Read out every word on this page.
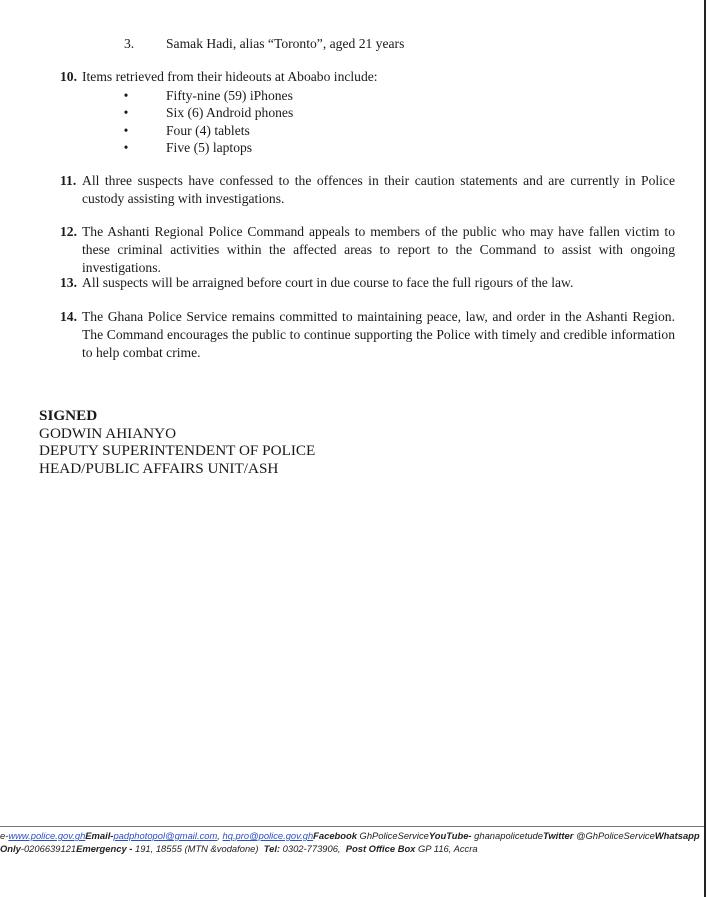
3. Samak Hadi, alias “Toronto”, aged 21 years
10. Items retrieved from their hideouts at Aboabo include:
•	Fifty-nine (59) iPhones
•	Six (6) Android phones
•	Four (4) tablets
•	Five (5) laptops
11. All three suspects have confessed to the offences in their caution statements and are currently in Police custody assisting with investigations.
12. The Ashanti Regional Police Command appeals to members of the public who may have fallen victim to these criminal activities within the affected areas to report to the Command to assist with ongoing investigations.
13. All suspects will be arraigned before court in due course to face the full rigours of the law.
14. The Ghana Police Service remains committed to maintaining peace, law, and order in the Ashanti Region. The Command encourages the public to continue supporting the Police with timely and credible information to help combat crime.
SIGNED
GODWIN AHIANYO
DEPUTY SUPERINTENDENT OF POLICE
HEAD/PUBLIC AFFAIRS UNIT/ASH
e-www.police.gov.ghEmail-padphotopol@gmail.com, hq.pro@police.gov.ghFacebook GhPoliceServiceYouTube- ghanapolicetudeTwitter @GhPoliceServiceWhatsapp
Only-0206639121Emergency - 191, 18555 (MTN &vodafone) Tel: 0302-773906, Post Office Box GP 116, Accra
